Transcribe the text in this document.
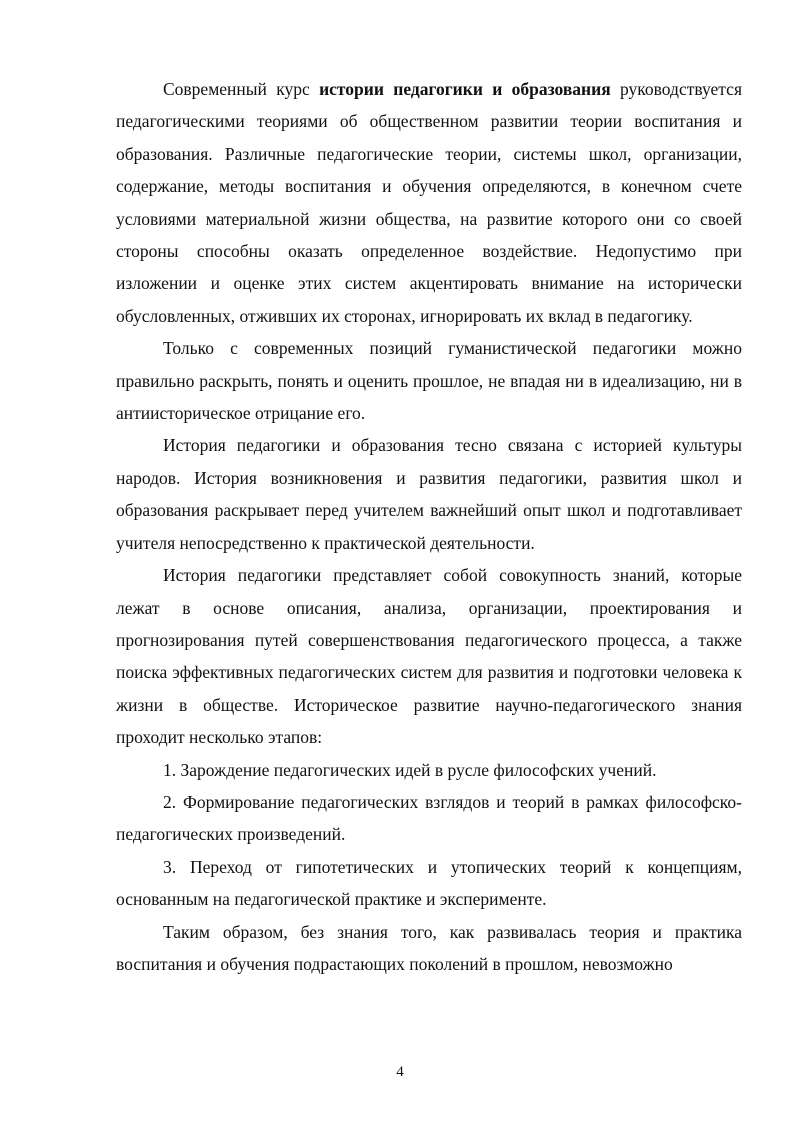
Современный курс истории педагогики и образования руководствуется педагогическими теориями об общественном развитии теории воспитания и образования. Различные педагогические теории, системы школ, организации, содержание, методы воспитания и обучения определяются, в конечном счете условиями материальной жизни общества, на развитие которого они со своей стороны способны оказать определенное воздействие. Недопустимо при изложении и оценке этих систем акцентировать внимание на исторически обусловленных, отживших их сторонах, игнорировать их вклад в педагогику.

Только с современных позиций гуманистической педагогики можно правильно раскрыть, понять и оценить прошлое, не впадая ни в идеализацию, ни в антиисторическое отрицание его.

История педагогики и образования тесно связана с историей культуры народов. История возникновения и развития педагогики, развития школ и образования раскрывает перед учителем важнейший опыт школ и подготавливает учителя непосредственно к практической деятельности.

История педагогики представляет собой совокупность знаний, которые лежат в основе описания, анализа, организации, проектирования и прогнозирования путей совершенствования педагогического процесса, а также поиска эффективных педагогических систем для развития и подготовки человека к жизни в обществе. Историческое развитие научно-педагогического знания проходит несколько этапов:

1. Зарождение педагогических идей в русле философских учений.

2. Формирование педагогических взглядов и теорий в рамках философско-педагогических произведений.

3. Переход от гипотетических и утопических теорий к концепциям, основанным на педагогической практике и эксперименте.

Таким образом, без знания того, как развивалась теория и практика воспитания и обучения подрастающих поколений в прошлом, невозможно

4
